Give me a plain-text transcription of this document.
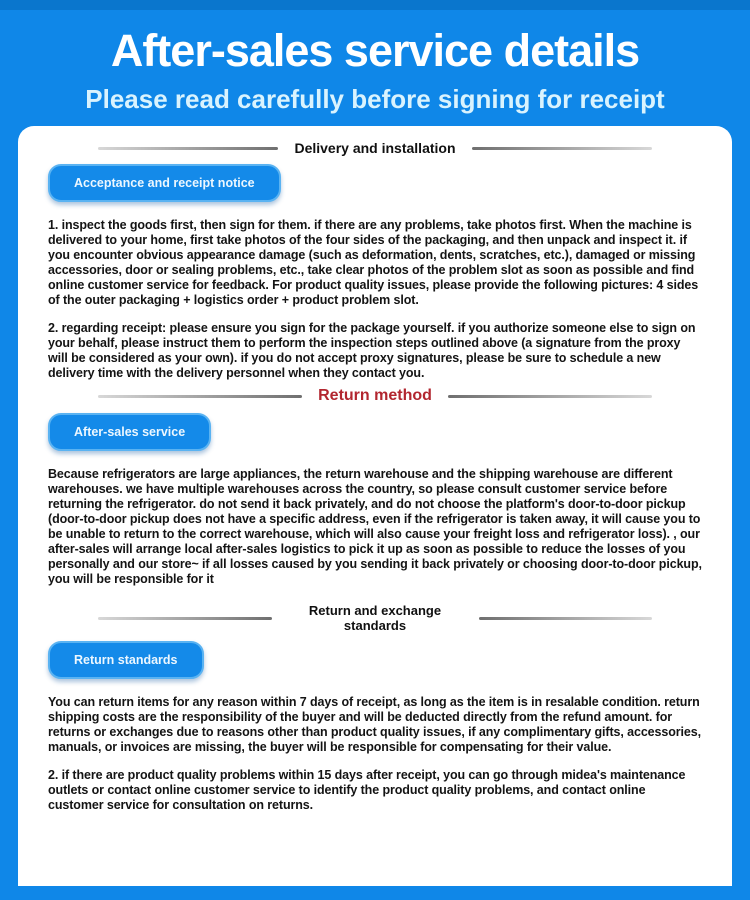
After-sales service details
Please read carefully before signing for receipt
Delivery and installation
Acceptance and receipt notice

1. inspect the goods first, then sign for them. if there are any problems, take photos first. When the machine is delivered to your home, first take photos of the four sides of the packaging, and then unpack and inspect it. if you encounter obvious appearance damage (such as deformation, dents, scratches, etc.), damaged or missing accessories, door or sealing problems, etc., take clear photos of the problem slot as soon as possible and find online customer service for feedback. For product quality issues, please provide the following pictures: 4 sides of the outer packaging + logistics order + product problem slot.

2. regarding receipt: please ensure you sign for the package yourself. if you authorize someone else to sign on your behalf, please instruct them to perform the inspection steps outlined above (a signature from the proxy will be considered as your own). if you do not accept proxy signatures, please be sure to schedule a new delivery time with the delivery personnel when they contact you.

Return method
After-sales service

Because refrigerators are large appliances, the return warehouse and the shipping warehouse are different warehouses. we have multiple warehouses across the country, so please consult customer service before returning the refrigerator. do not send it back privately, and do not choose the platform's door-to-door pickup (door-to-door pickup does not have a specific address, even if the refrigerator is taken away, it will cause you to be unable to return to the correct warehouse, which will also cause your freight loss and refrigerator loss). , our after-sales will arrange local after-sales logistics to pick it up as soon as possible to reduce the losses of you personally and our store~ if all losses caused by you sending it back privately or choosing door-to-door pickup, you will be responsible for it

Return and exchange standards
Return standards

You can return items for any reason within 7 days of receipt, as long as the item is in resalable condition. return shipping costs are the responsibility of the buyer and will be deducted directly from the refund amount. for returns or exchanges due to reasons other than product quality issues, if any complimentary gifts, accessories, manuals, or invoices are missing, the buyer will be responsible for compensating for their value.

2. if there are product quality problems within 15 days after receipt, you can go through midea's maintenance outlets or contact online customer service to identify the product quality problems, and contact online customer service for consultation on returns.
